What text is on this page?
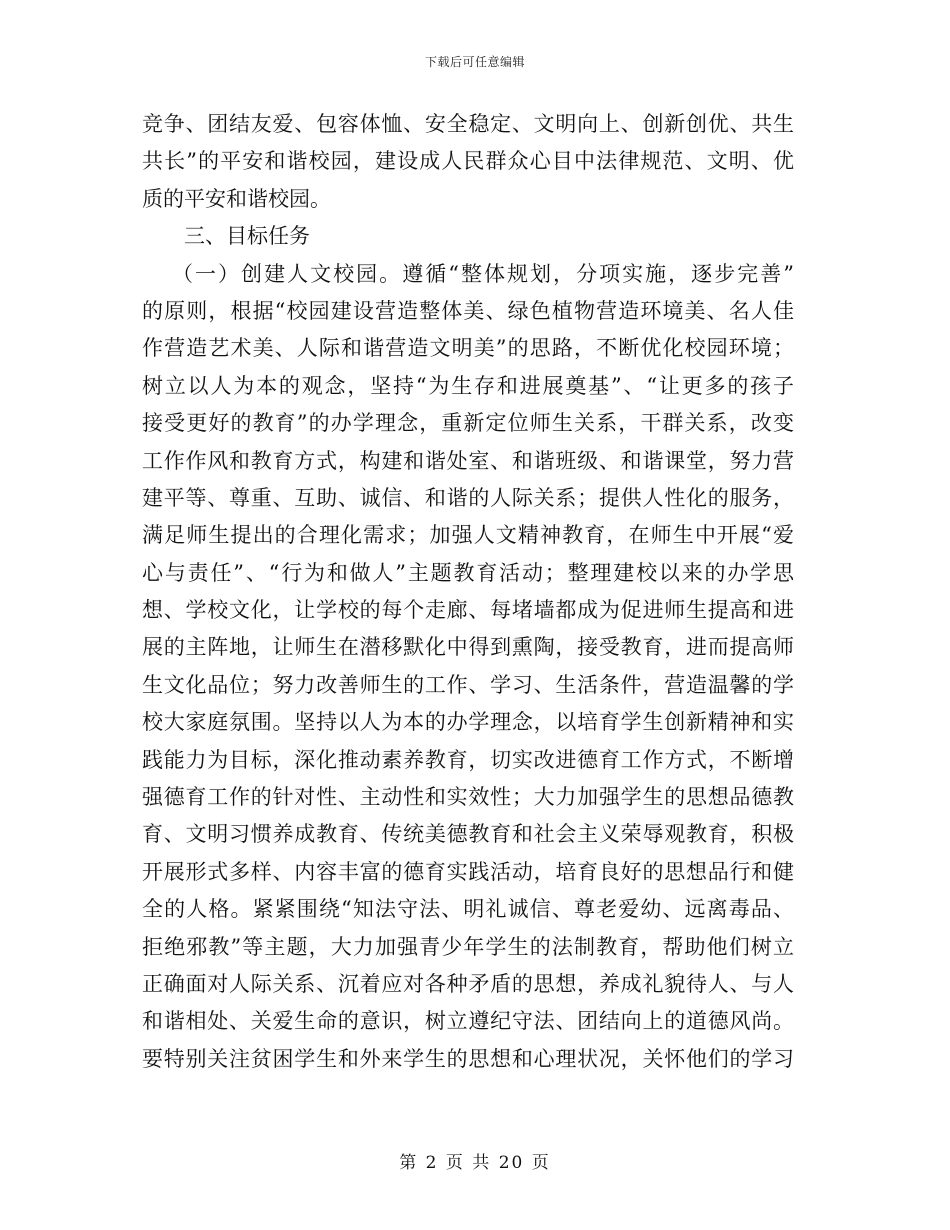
下载后可任意编辑
竞争、团结友爱、包容体恤、安全稳定、文明向上、创新创优、共生
共长”的平安和谐校园，建设成人民群众心目中法律规范、文明、优
质的平安和谐校园。
三、目标任务
（一）创建人文校园。遵循“整体规划，分项实施，逐步完善”
的原则，根据“校园建设营造整体美、绿色植物营造环境美、名人佳
作营造艺术美、人际和谐营造文明美”的思路，不断优化校园环境；
树立以人为本的观念，坚持“为生存和进展奠基”、“让更多的孩子
接受更好的教育”的办学理念，重新定位师生关系，干群关系，改变
工作作风和教育方式，构建和谐处室、和谐班级、和谐课堂，努力营
建平等、尊重、互助、诚信、和谐的人际关系；提供人性化的服务，
满足师生提出的合理化需求；加强人文精神教育，在师生中开展“爱
心与责任”、“行为和做人”主题教育活动；整理建校以来的办学思
想、学校文化，让学校的每个走廊、每堵墙都成为促进师生提高和进
展的主阵地，让师生在潜移默化中得到熏陶，接受教育，进而提高师
生文化品位；努力改善师生的工作、学习、生活条件，营造温馨的学
校大家庭氛围。坚持以人为本的办学理念，以培育学生创新精神和实
践能力为目标，深化推动素养教育，切实改进德育工作方式，不断增
强德育工作的针对性、主动性和实效性；大力加强学生的思想品德教
育、文明习惯养成教育、传统美德教育和社会主义荣辱观教育，积极
开展形式多样、内容丰富的德育实践活动，培育良好的思想品行和健
全的人格。紧紧围绕“知法守法、明礼诚信、尊老爱幼、远离毒品、
拒绝邪教”等主题，大力加强青少年学生的法制教育，帮助他们树立
正确面对人际关系、沉着应对各种矛盾的思想，养成礼貌待人、与人
和谐相处、关爱生命的意识，树立遵纪守法、团结向上的道德风尚。
要特别关注贫困学生和外来学生的思想和心理状况，关怀他们的学习
第 2 页 共 20 页
